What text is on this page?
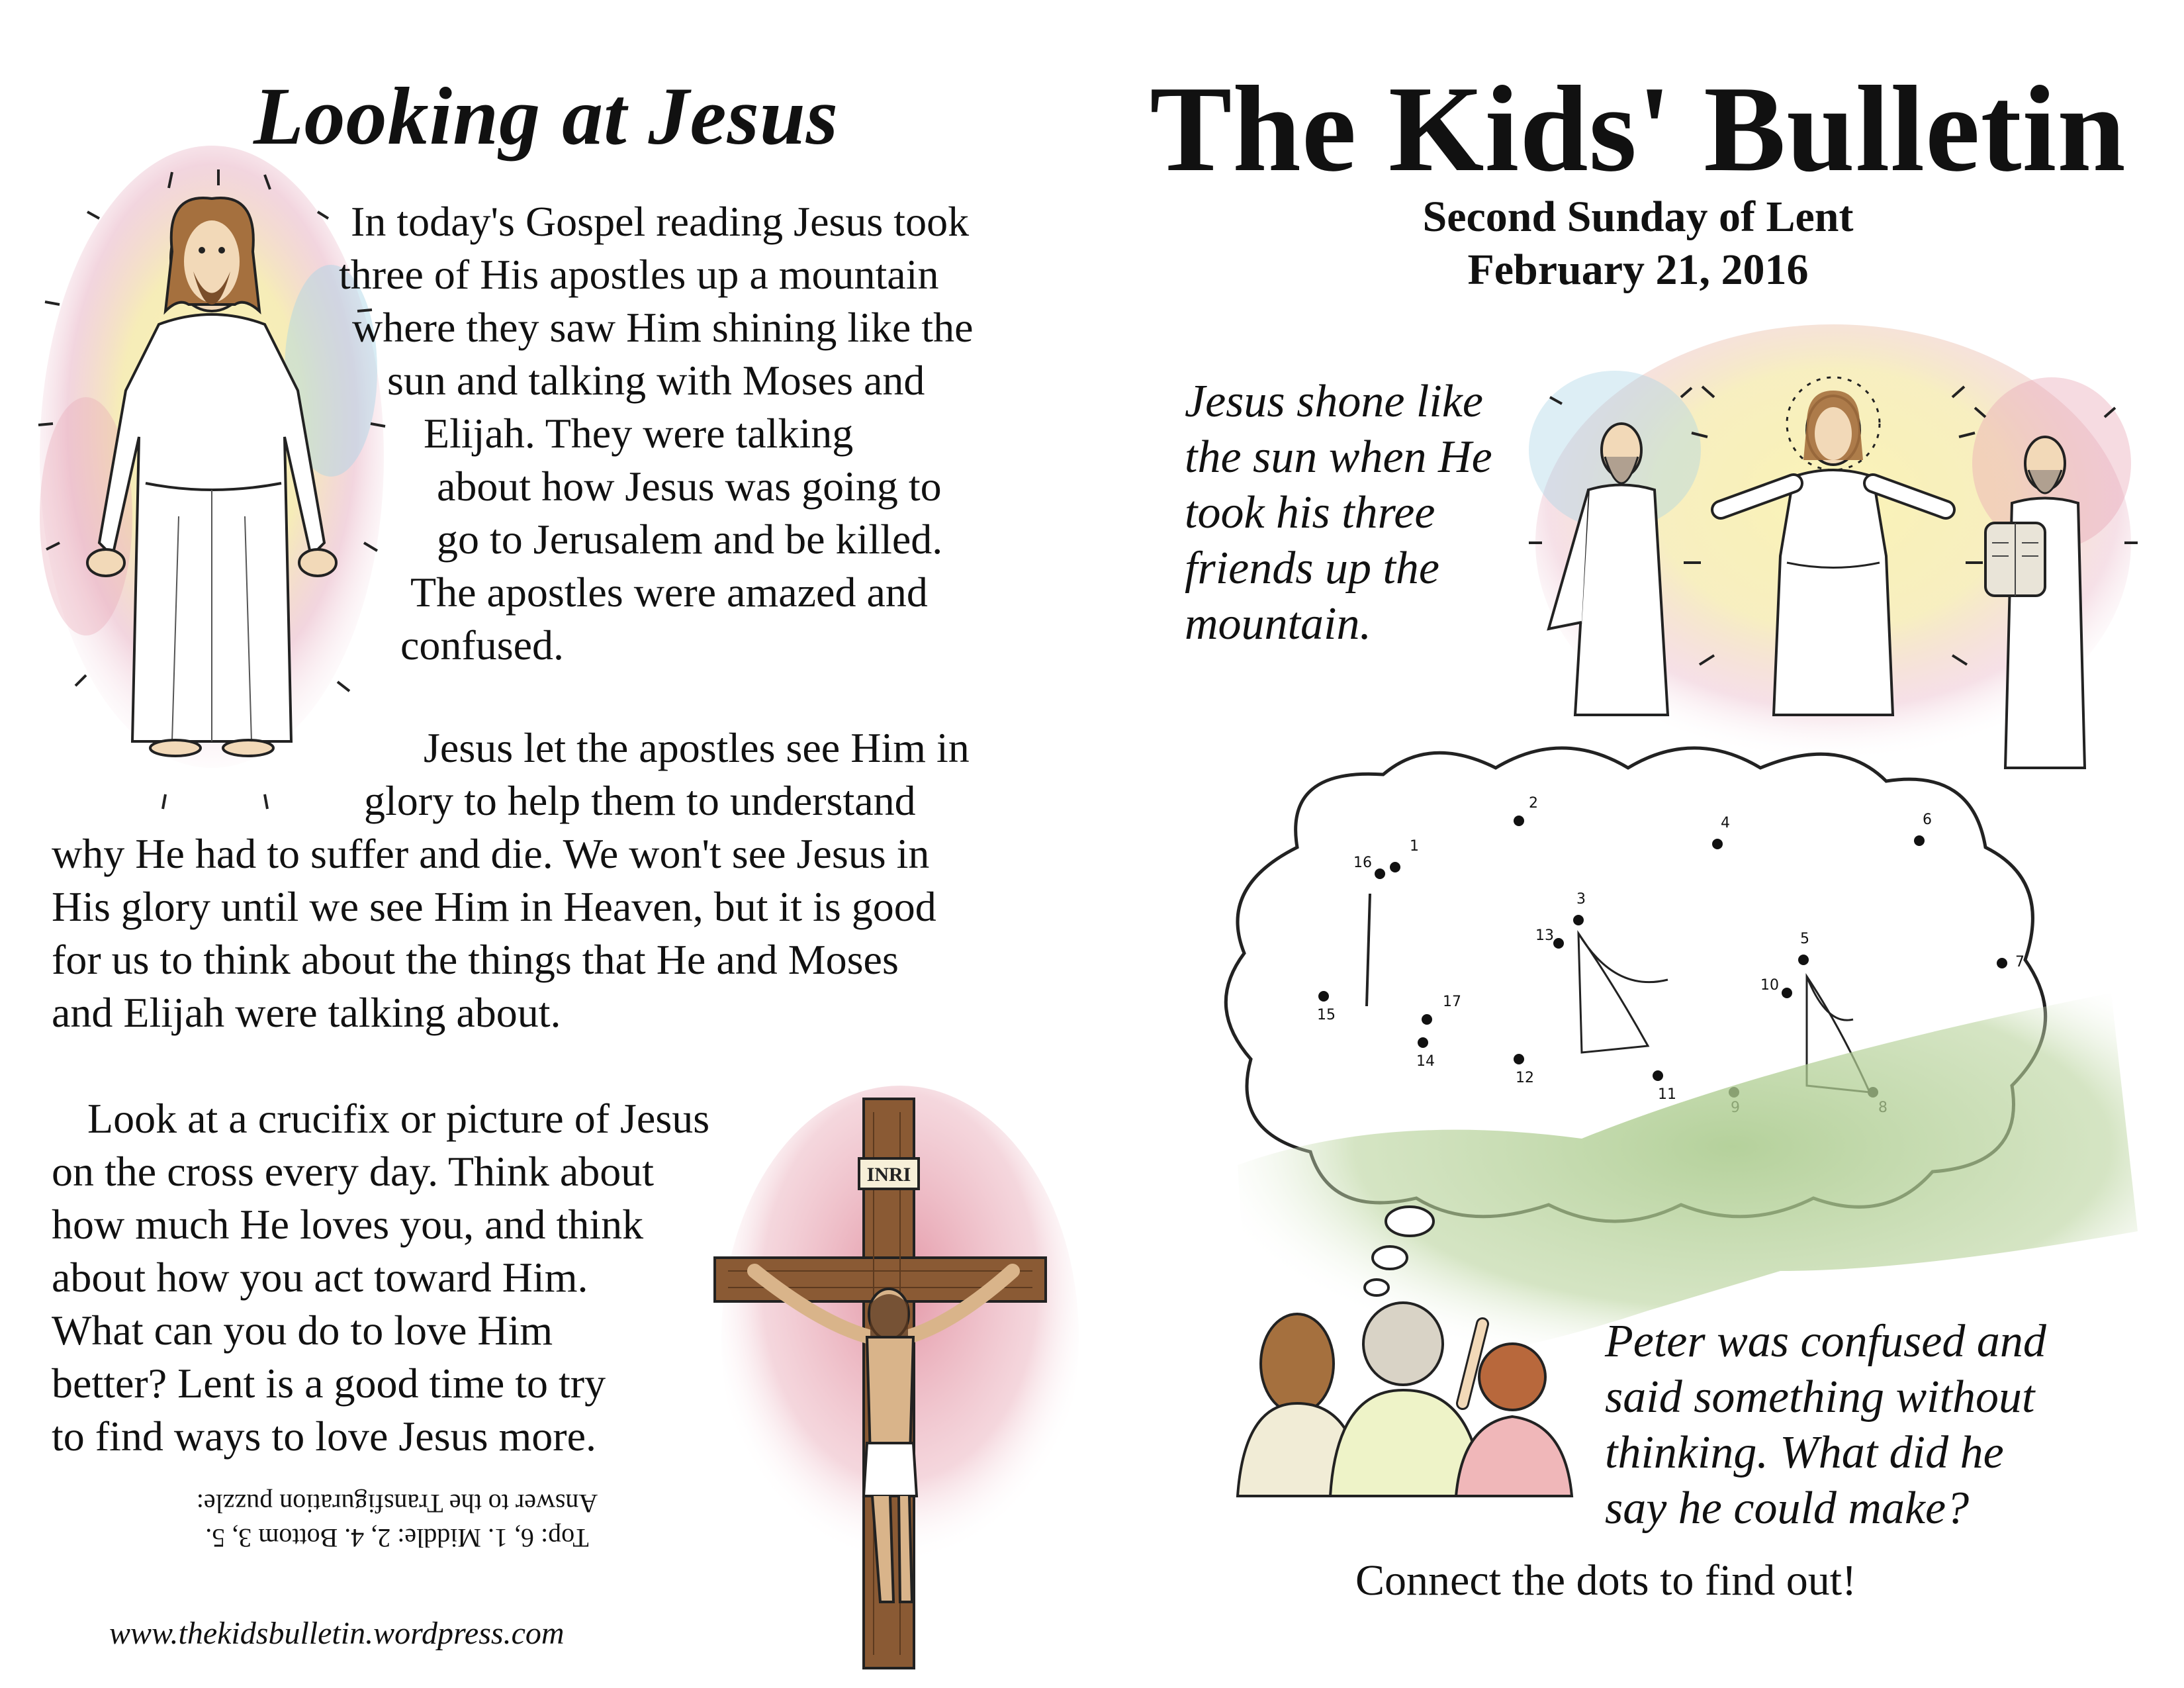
Looking at Jesus
In today's Gospel reading Jesus took
three of His apostles up a mountain
where they saw Him shining like the
sun and talking with Moses and
Elijah. They were talking
about how Jesus was going to
go to Jerusalem and be killed.
The apostles were amazed and
confused.
Jesus let the apostles see Him in
glory to help them to understand
why He had to suffer and die. We won't see Jesus in
His glory until we see Him in Heaven, but it is good
for us to think about the things that He and Moses
and Elijah were talking about.
Look at a crucifix or picture of Jesus
on the cross every day. Think about
how much He loves you, and think
about how you act toward Him.
What can you do to love Him
better? Lent is a good time to try
to find ways to love Jesus more.
INRI
Top: 6, 1. Middle: 2, 4. Bottom 3, 5.
Answer to the Transfiguration puzzle:
www.thekidsbulletin.wordpress.com
The Kids' Bulletin
Second Sunday of Lent
February 21, 2016
Jesus shone like
the sun when He
took his three
friends up the
mountain.
1
2
3
4
5
6
7
10
11
12
13
14
15
16
17
Peter was confused and
said something without
thinking. What did he
say he could make?
Connect the dots to find out!
